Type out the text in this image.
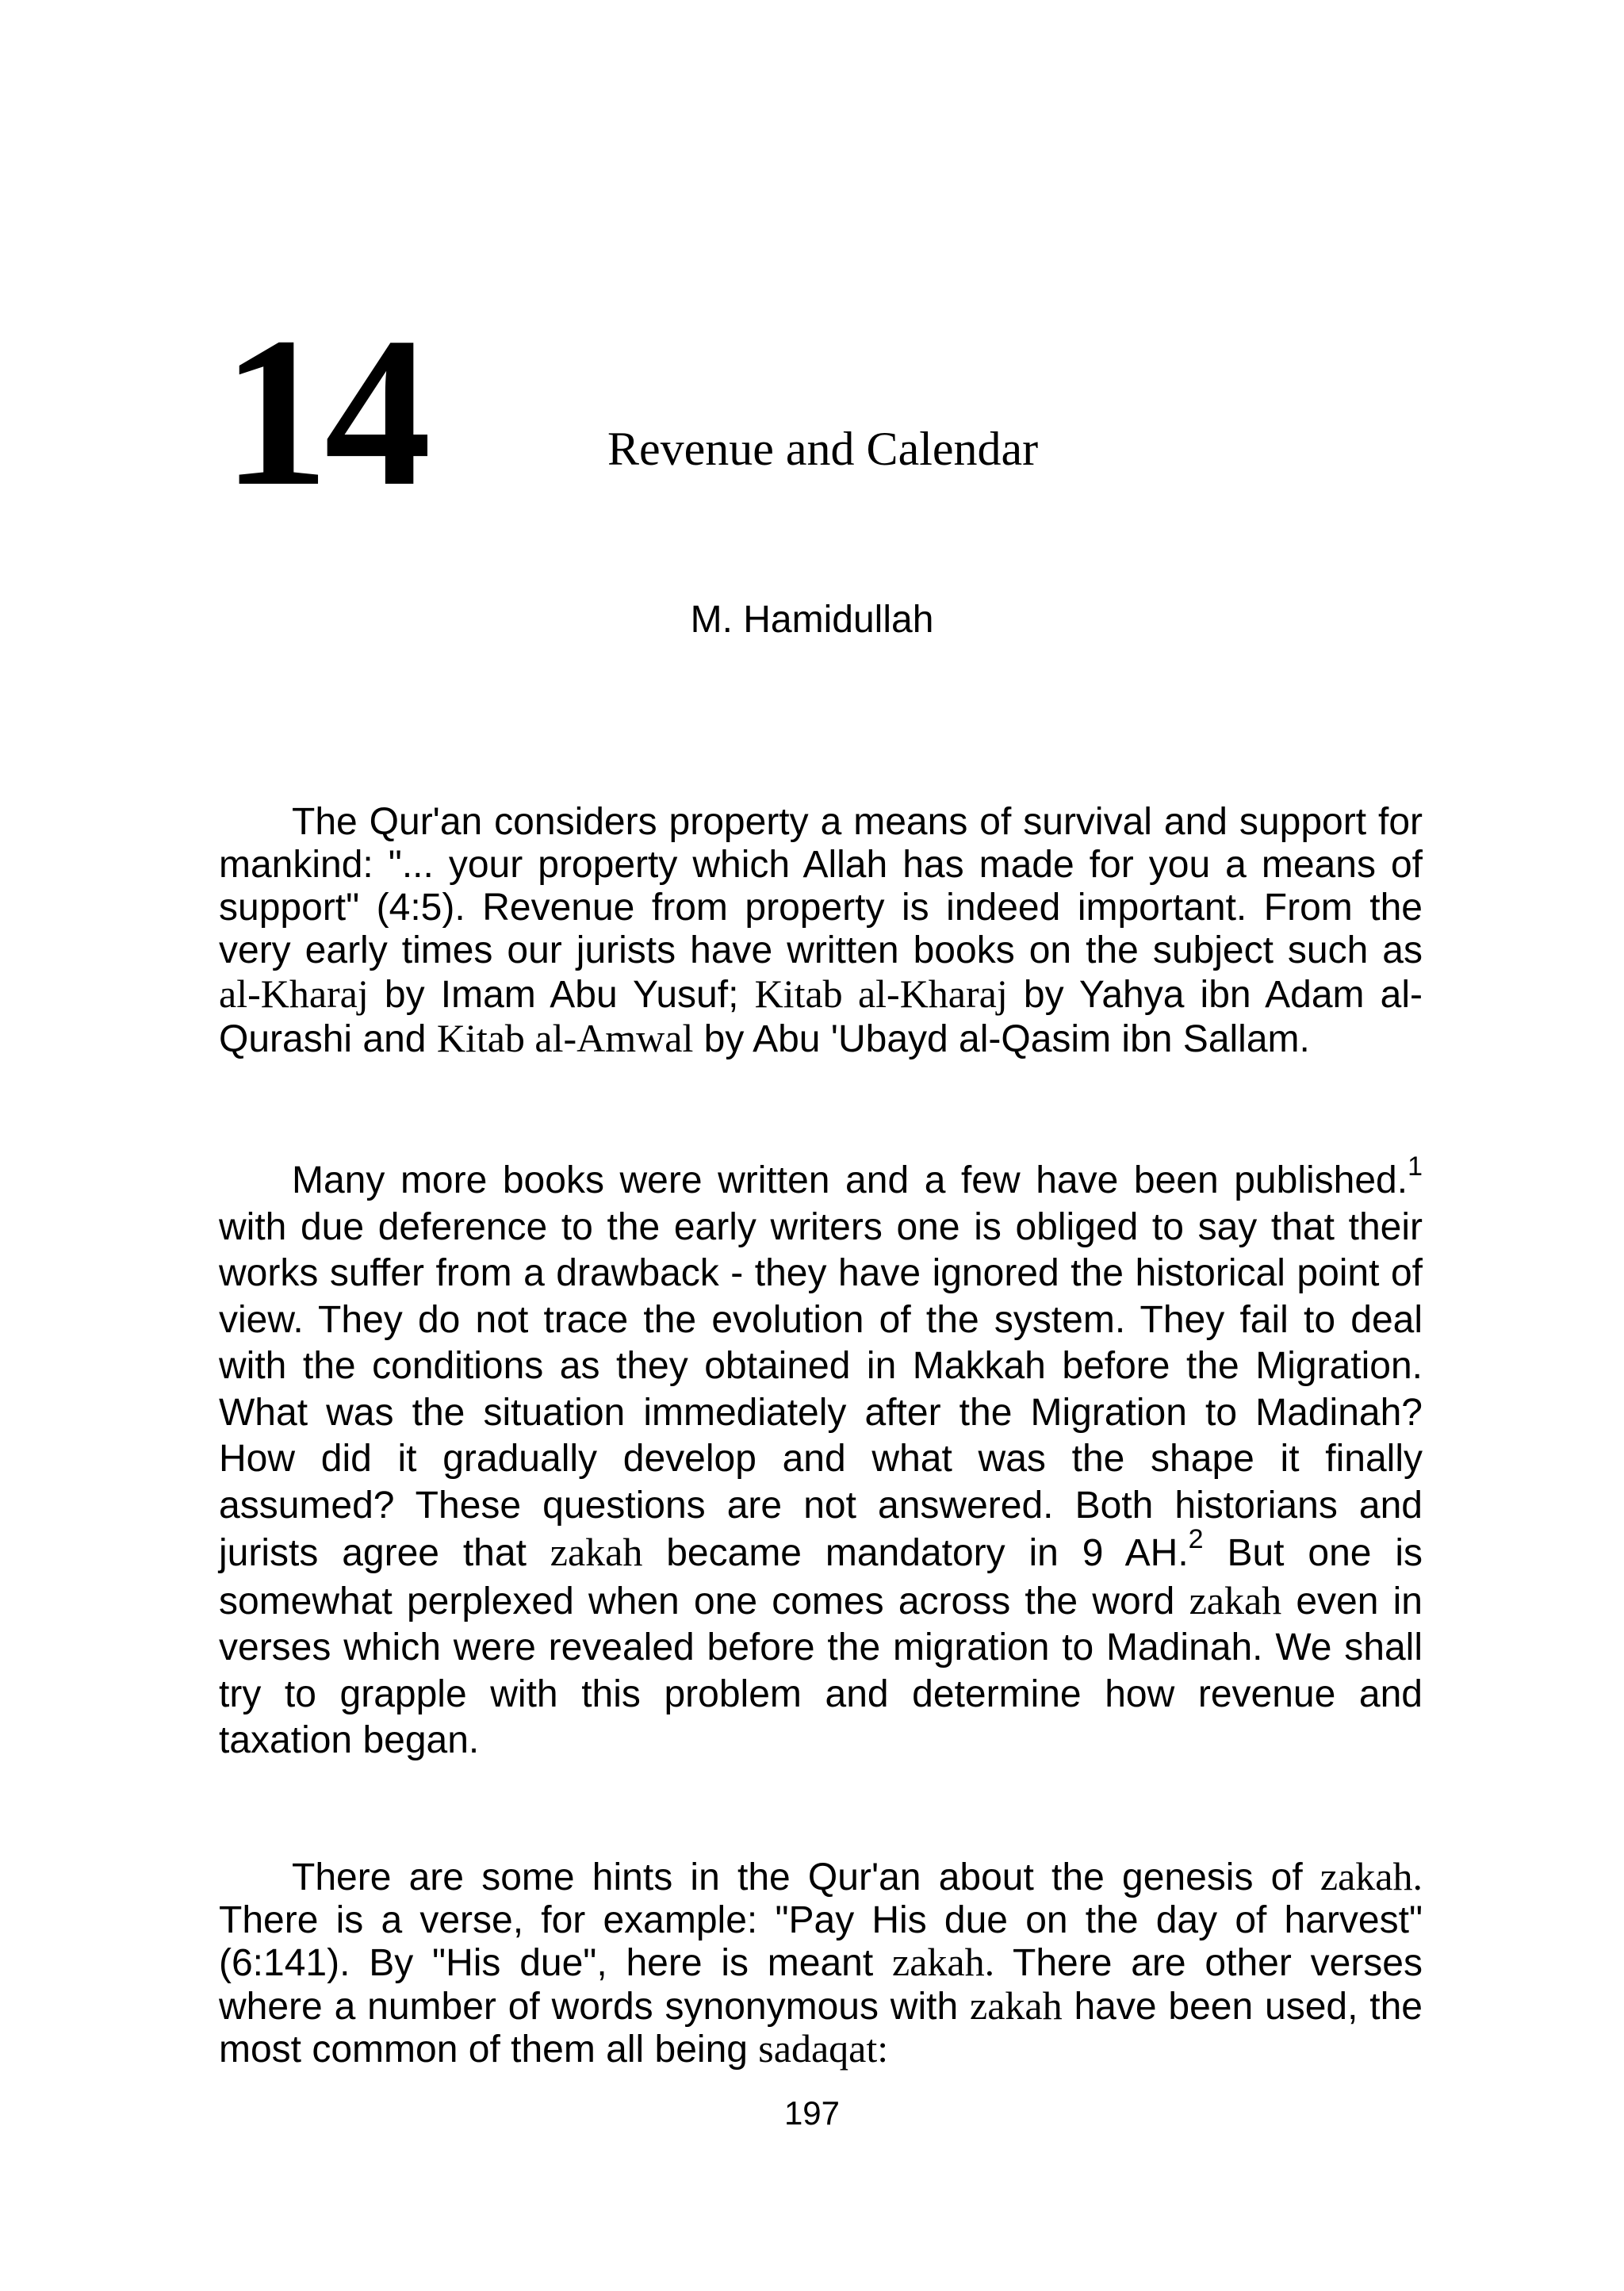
14	Revenue and Calendar
M. Hamidullah

The Qur'an considers property a means of survival and support for mankind: "... your property which Allah has made for you a means of support" (4:5). Revenue from property is indeed important. From the very early times our jurists have written books on the subject such as al-Kharaj by Imam Abu Yusuf; Kitab al-Kharaj by Yahya ibn Adam al-Qurashi and Kitab al-Amwal by Abu 'Ubayd al-Qasim ibn Sallam.

Many more books were written and a few have been published.$^1$ with due deference to the early writers one is obliged to say that their works suffer from a drawback - they have ignored the historical point of view. They do not trace the evolution of the system. They fail to deal with the conditions as they obtained in Makkah before the Migration. What was the situation immediately after the Migration to Madinah? How did it gradually develop and what was the shape it finally assumed? These questions are not answered. Both historians and jurists agree that zakah became mandatory in 9 AH.$^2$ But one is somewhat perplexed when one comes across the word zakah even in verses which were revealed before the migration to Madinah. We shall try to grapple with this problem and determine how revenue and taxation began.

There are some hints in the Qur'an about the genesis of zakah. There is a verse, for example: "Pay His due on the day of harvest" (6:141). By "His due", here is meant zakah. There are other verses where a number of words synonymous with zakah have been used, the most common of them all being sadaqat:

197
